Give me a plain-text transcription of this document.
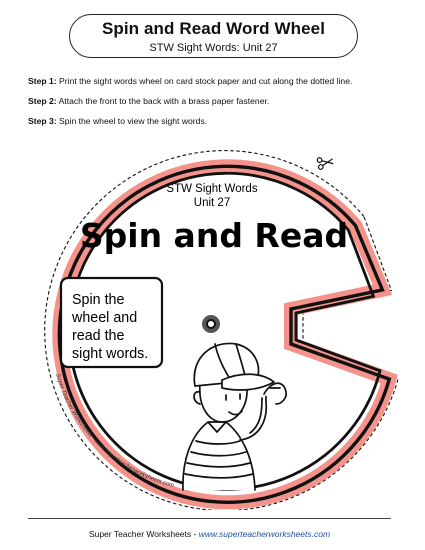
Spin and Read Word Wheel
STW Sight Words: Unit 27
Step 1: Print the sight words wheel on card stock paper and cut along the dotted line.
Step 2: Attach the front to the back with a brass paper fastener.
Step 3: Spin the wheel to view the sight words.
STW Sight Words
Unit 27
Spin and Read
Spin the
wheel and
read the
sight words.
Super Teacher Worksheets - www.superteacherworksheets.com
Super Teacher Worksheets - www.superteacherworksheets.com
